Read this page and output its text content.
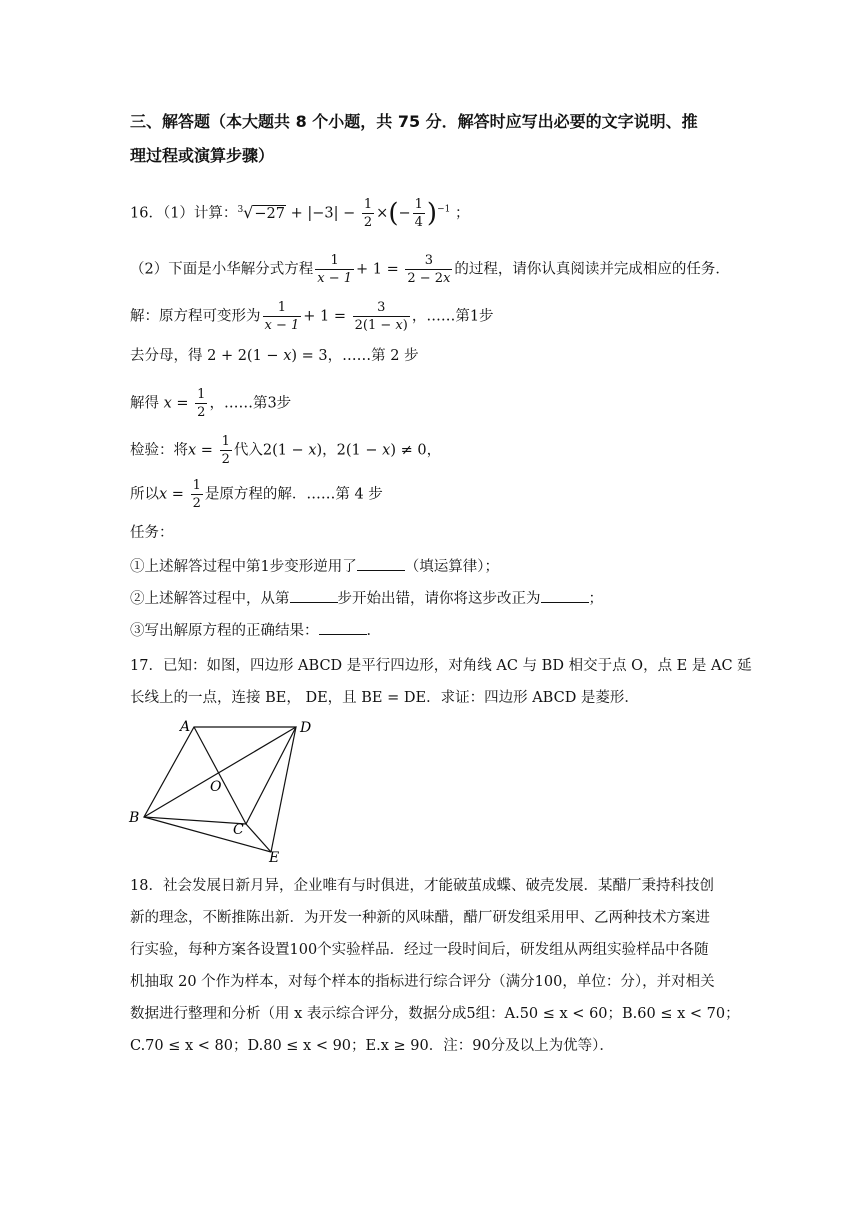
三、解答题（本大题共 8 个小题，共 75 分．解答时应写出必要的文字说明、推
理过程或演算步骤）
16．（1）计算：$^3√-27 + |-3| - \frac{1}{2}$ ×(− $\frac{1}{4} )^{-1}$ ；
（2）下面是小华解分式方程 $\frac{1}{x - 1} + 1 = \frac{3}{2 - 2x}$ 的过程，请你认真阅读并完成相应的任务．
解：原方程可变形为 $\frac{1}{x - 1} + 1 = \frac{3}{2(1 - x)}$ ，……第1步
去分母，得 2 + 2(1 − x) = 3，……第 2 步
解得 $x = \frac{1}{2}$ ，……第3步
检验：将$x = \frac{1}{2}$ 代入2(1 − x)，2(1 − x) ≠ 0，
所以$x = \frac{1}{2}$ 是原方程的解．……第 4 步
任务：
①上述解答过程中第1步变形逆用了	（填运算律）；
②上述解答过程中，从第	步开始出错，请你将这步改正为	；
③写出解原方程的正确结果：	．
17．已知：如图，四边形 ABCD 是平行四边形，对角线 AC 与 BD 相交于点 O，点 E 是 AC 延
长线上的一点，连接 BE， DE，且 BE = DE．求证：四边形 ABCD 是菱形．
A	D
O
B
C
E
18．社会发展日新月异，企业唯有与时俱进，才能破茧成蝶、破壳发展．某醋厂秉持科技创
新的理念，不断推陈出新．为开发一种新的风味醋，醋厂研发组采用甲、乙两种技术方案进
行实验，每种方案各设置100个实验样品．经过一段时间后，研发组从两组实验样品中各随
机抽取 20 个作为样本，对每个样本的指标进行综合评分（满分100，单位：分），并对相关
数据进行整理和分析（用 x 表示综合评分，数据分成5组：A.50 ≤ x < 60；B.60 ≤ x < 70；
C.70 ≤ x < 80；D.80 ≤ x < 90；E.x ≥ 90．注：90分及以上为优等）．
